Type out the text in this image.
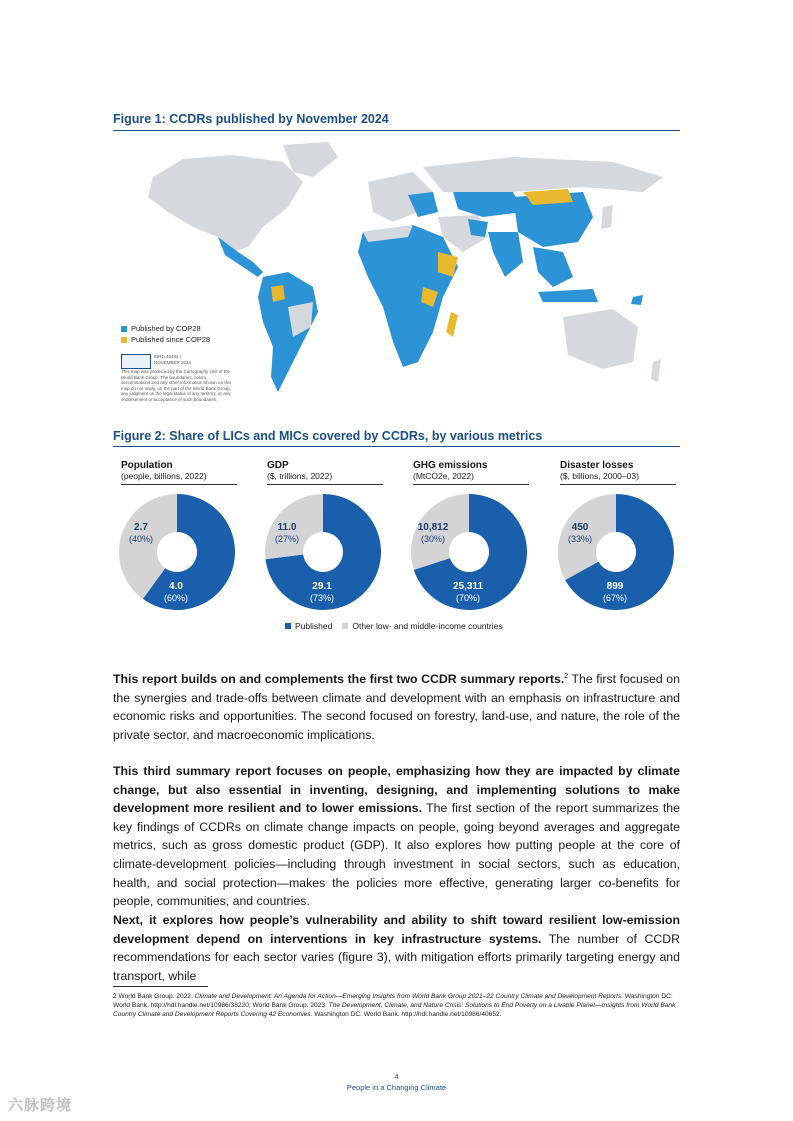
Figure 1: CCDRs published by November 2024
Published by COP28
Published since COP28
IBRD 48481 |
NOVEMBER 2024
This map was produced by the Cartography Unit of the World Bank Group. The boundaries, colors, denominations and any other information shown on this map do not imply, on the part of the World Bank Group, any judgment on the legal status of any territory, or any endorsement or acceptance of such boundaries.
Figure 2: Share of LICs and MICs covered by CCDRs, by various metrics
Population
(people, billions, 2022)
GDP
($, trillions, 2022)
GHG emissions
(MtCO2e, 2022)
Disaster losses
($, billions, 2000–03)
4.0
(60%)
2.7
(40%)
29.1
(73%)
11.0
(27%)
25,311
(70%)
10,812
(30%)
899
(67%)
450
(33%)
Published Other low- and middle-income countries
This report builds on and complements the first two CCDR summary reports.$^2$ The first focused on the synergies and trade-offs between climate and development with an emphasis on infrastructure and economic risks and opportunities. The second focused on forestry, land-use, and nature, the role of the private sector, and macroeconomic implications.
This third summary report focuses on people, emphasizing how they are impacted by climate change, but also essential in inventing, designing, and implementing solutions to make development more resilient and to lower emissions. The first section of the report summarizes the key findings of CCDRs on climate change impacts on people, going beyond averages and aggregate metrics, such as gross domestic product (GDP). It also explores how putting people at the core of climate-development policies—including through investment in social sectors, such as education, health, and social protection—makes the policies more effective, generating larger co-benefits for people, communities, and countries.
Next, it explores how people’s vulnerability and ability to shift toward resilient low-emission development depend on interventions in key infrastructure systems. The number of CCDR recommendations for each sector varies (figure 3), with mitigation efforts primarily targeting energy and transport, while
2 World Bank Group. 2022. Climate and Development: An Agenda for Action—Emerging Insights from World Bank Group 2021–22 Country Climate and Development Reports. Washington DC: World Bank. http://hdl.handle.net/10986/38220; World Bank Group. 2023. The Development, Climate, and Nature Crisis: Solutions to End Poverty on a Livable Planet—Insights from World Bank Country Climate and Development Reports Covering 42 Economies. Washington DC: World Bank. http://hdl.handle.net/10986/40652.
4
People in a Changing Climate
六脉跨境
